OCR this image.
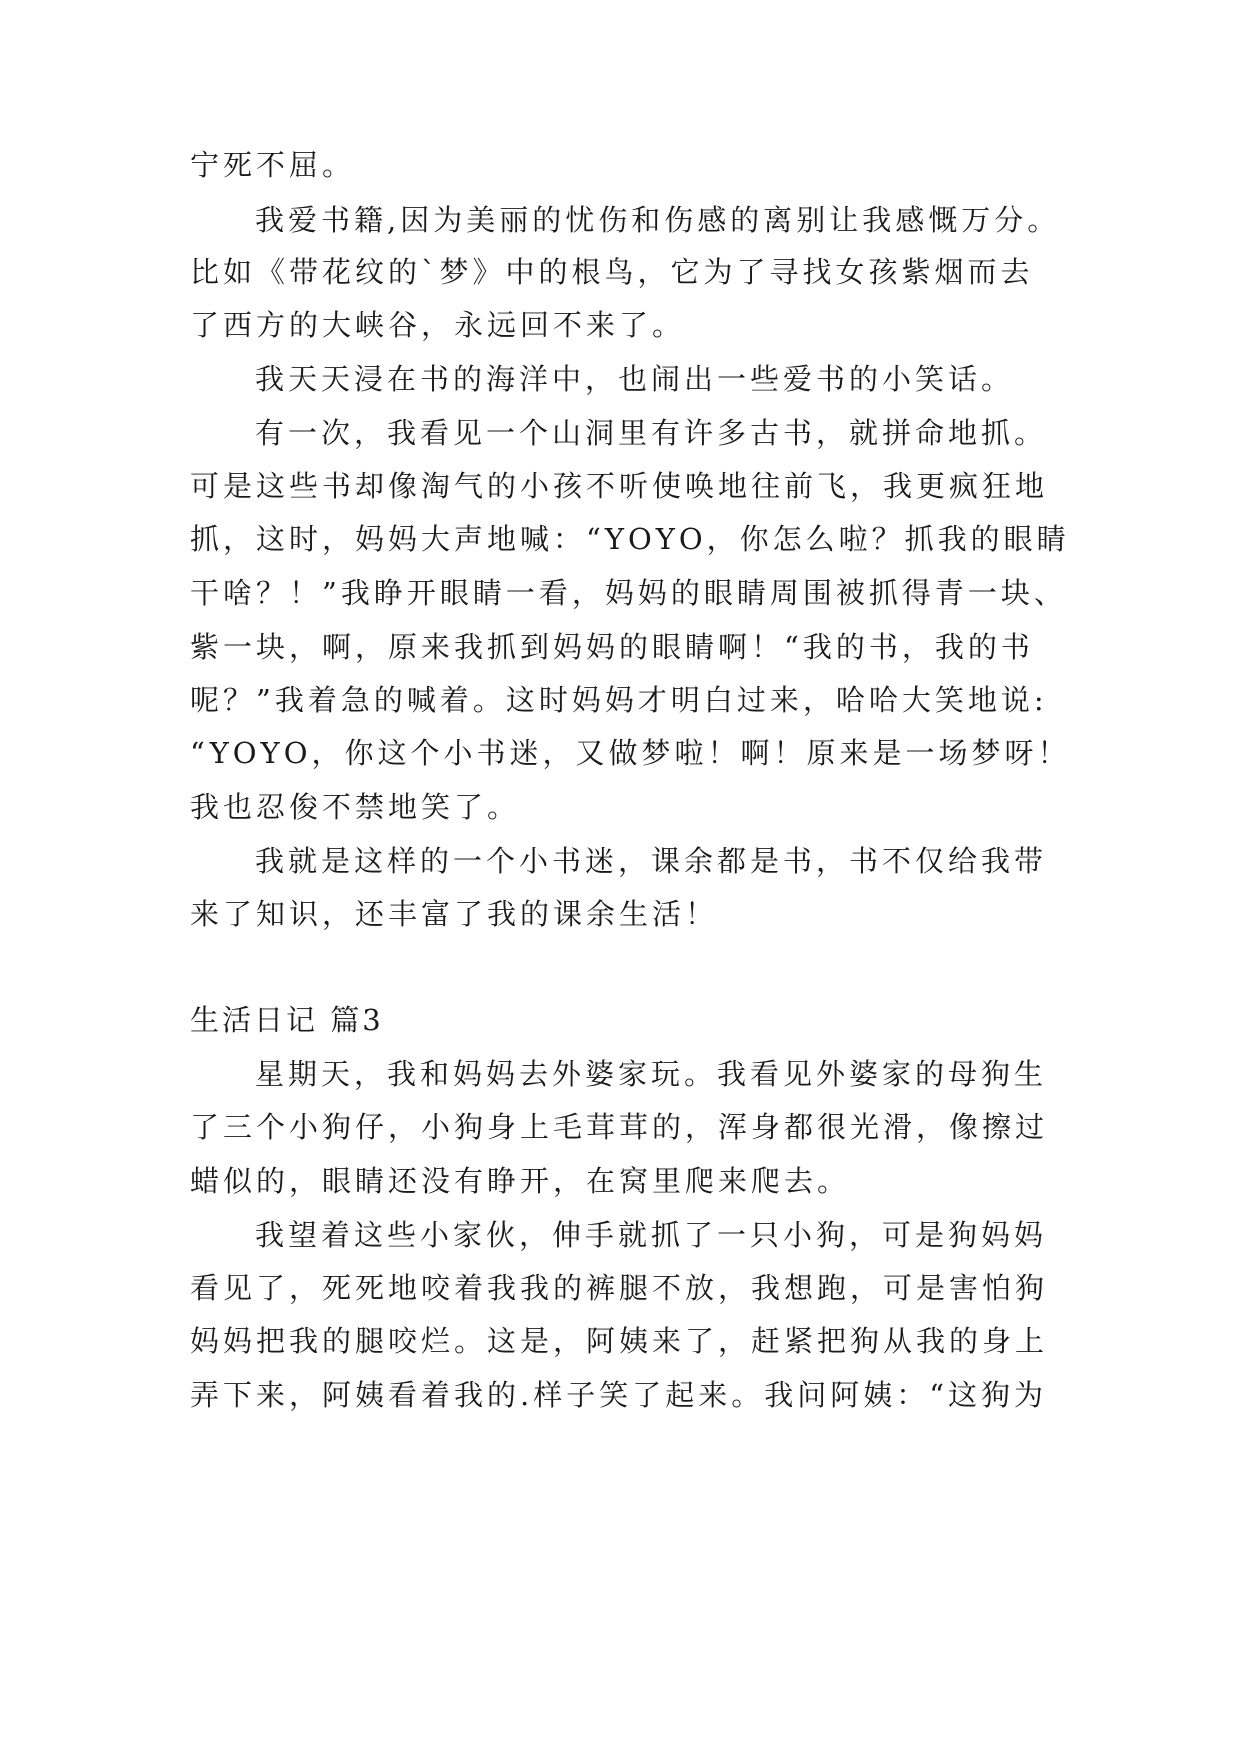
宁死不屈。
我爱书籍,因为美丽的忧伤和伤感的离别让我感慨万分。
比如《带花纹的`梦》中的根鸟，它为了寻找女孩紫烟而去
了西方的大峡谷，永远回不来了。
我天天浸在书的海洋中，也闹出一些爱书的小笑话。
有一次，我看见一个山洞里有许多古书，就拼命地抓。
可是这些书却像淘气的小孩不听使唤地往前飞，我更疯狂地
抓，这时，妈妈大声地喊：“YOYO，你怎么啦？抓我的眼睛
干啥？！”我睁开眼睛一看，妈妈的眼睛周围被抓得青一块、
紫一块，啊，原来我抓到妈妈的眼睛啊！“我的书，我的书
呢？”我着急的喊着。这时妈妈才明白过来，哈哈大笑地说:
“YOYO，你这个小书迷，又做梦啦！啊！原来是一场梦呀！
我也忍俊不禁地笑了。
我就是这样的一个小书迷，课余都是书，书不仅给我带
来了知识，还丰富了我的课余生活！
生活日记 篇3
星期天，我和妈妈去外婆家玩。我看见外婆家的母狗生
了三个小狗仔，小狗身上毛茸茸的，浑身都很光滑，像擦过
蜡似的，眼睛还没有睁开，在窝里爬来爬去。
我望着这些小家伙，伸手就抓了一只小狗，可是狗妈妈
看见了，死死地咬着我我的裤腿不放，我想跑，可是害怕狗
妈妈把我的腿咬烂。这是，阿姨来了，赶紧把狗从我的身上
弄下来，阿姨看着我的.样子笑了起来。我问阿姨：“这狗为
